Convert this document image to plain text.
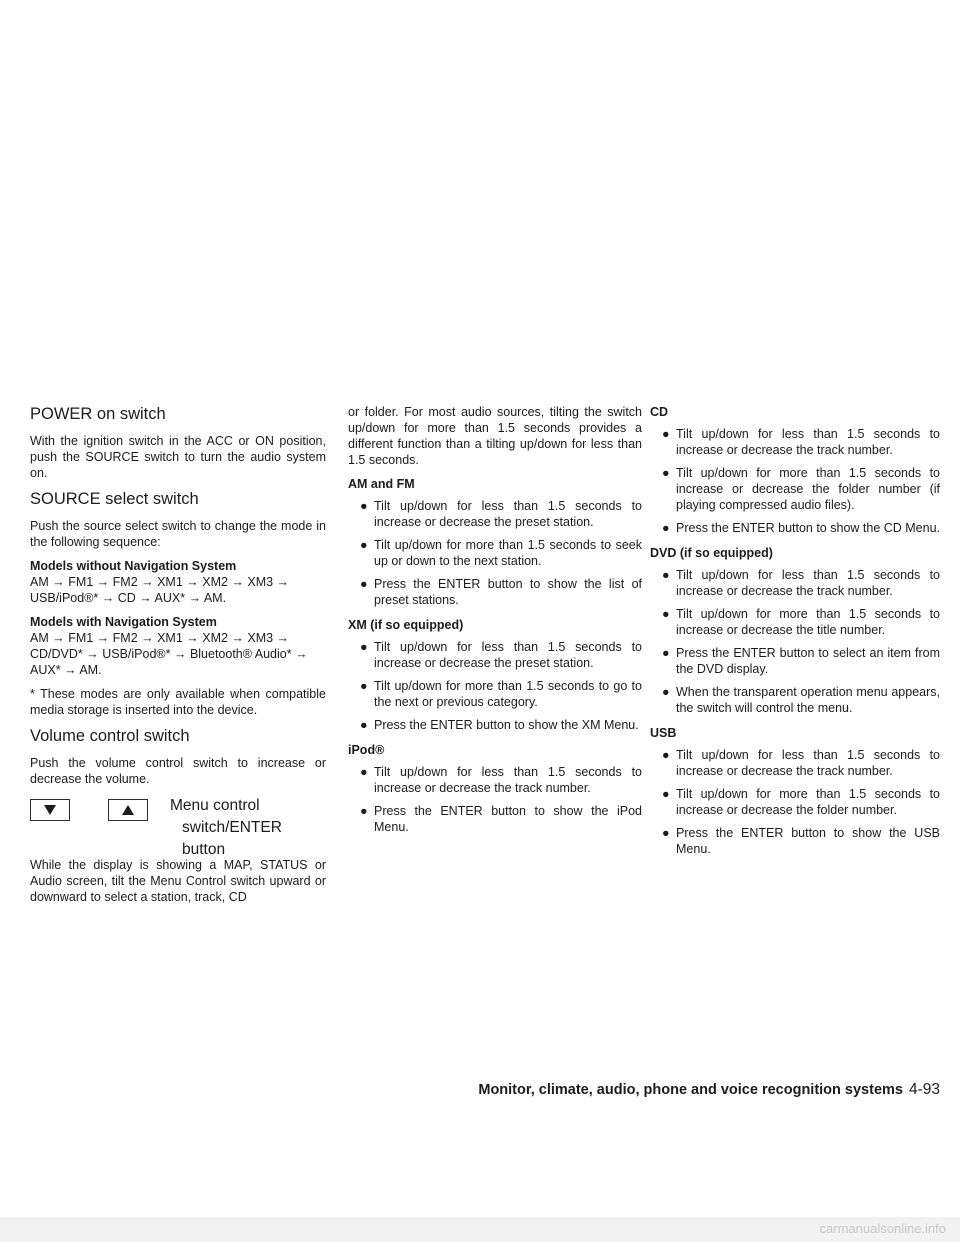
POWER on switch

With the ignition switch in the ACC or ON position, push the SOURCE switch to turn the audio system on.

SOURCE select switch

Push the source select switch to change the mode in the following sequence:

Models without Navigation System

AM → FM1 → FM2 → XM1 → XM2 → XM3 → USB/iPod®* → CD → AUX* → AM.

Models with Navigation System

AM → FM1 → FM2 → XM1 → XM2 → XM3 → CD/DVD* → USB/iPod®* → Bluetooth® Audio* → AUX* → AM.

* These modes are only available when compatible media storage is inserted into the device.

Volume control switch

Push the volume control switch to increase or decrease the volume.

Menu control
switch/ENTER button

While the display is showing a MAP, STATUS or Audio screen, tilt the Menu Control switch upward or downward to select a station, track, CD

or folder. For most audio sources, tilting the switch up/down for more than 1.5 seconds provides a different function than a tilting up/down for less than 1.5 seconds.

AM and FM

● Tilt up/down for less than 1.5 seconds to increase or decrease the preset station.
● Tilt up/down for more than 1.5 seconds to seek up or down to the next station.
● Press the ENTER button to show the list of preset stations.

XM (if so equipped)

● Tilt up/down for less than 1.5 seconds to increase or decrease the preset station.
● Tilt up/down for more than 1.5 seconds to go to the next or previous category.
● Press the ENTER button to show the XM Menu.

iPod®

● Tilt up/down for less than 1.5 seconds to increase or decrease the track number.
● Press the ENTER button to show the iPod Menu.

CD

● Tilt up/down for less than 1.5 seconds to increase or decrease the track number.
● Tilt up/down for more than 1.5 seconds to increase or decrease the folder number (if playing compressed audio files).
● Press the ENTER button to show the CD Menu.

DVD (if so equipped)

● Tilt up/down for less than 1.5 seconds to increase or decrease the track number.
● Tilt up/down for more than 1.5 seconds to increase or decrease the title number.
● Press the ENTER button to select an item from the DVD display.
● When the transparent operation menu appears, the switch will control the menu.

USB

● Tilt up/down for less than 1.5 seconds to increase or decrease the track number.
● Tilt up/down for more than 1.5 seconds to increase or decrease the folder number.
● Press the ENTER button to show the USB Menu.
Monitor, climate, audio, phone and voice recognition systems 4-93
carmanualsonline.info
